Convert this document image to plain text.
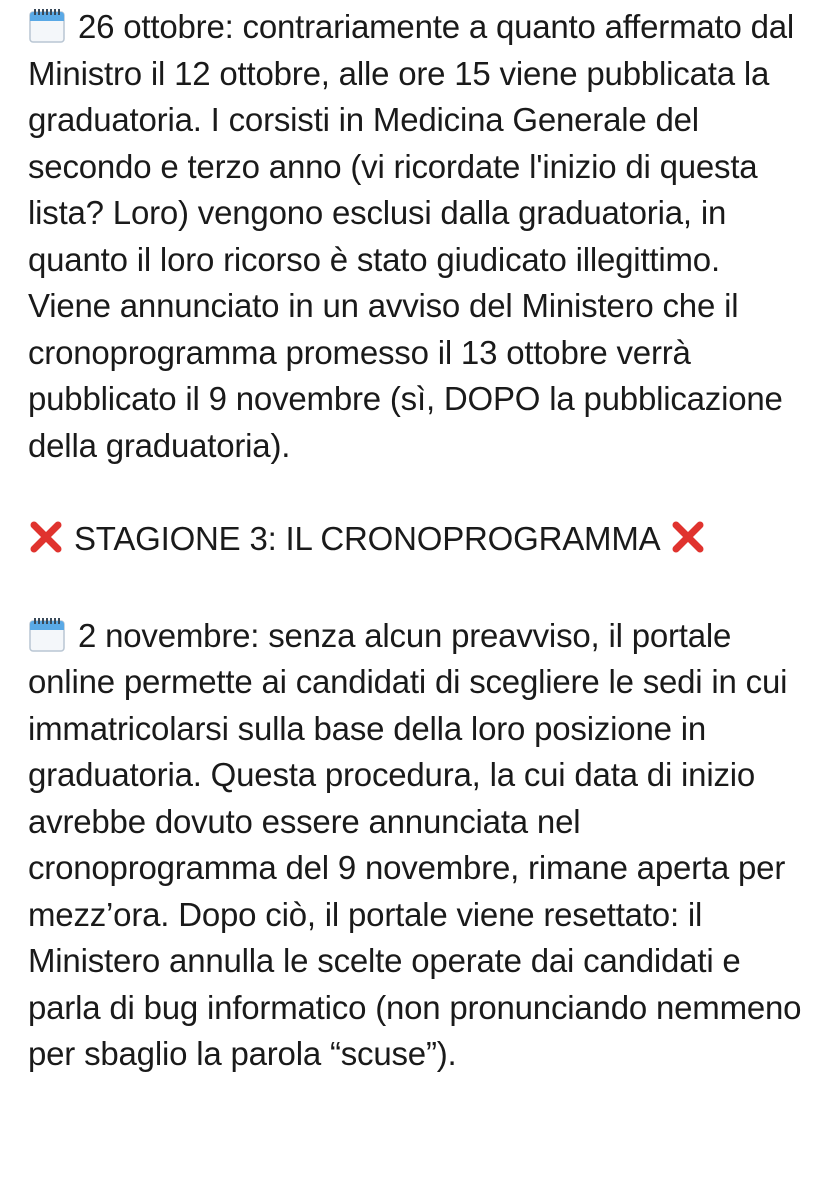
26 ottobre: contrariamente a quanto affermato dal Ministro il 12 ottobre, alle ore 15 viene pubblicata la graduatoria. I corsisti in Medicina Generale del secondo e terzo anno (vi ricordate l'inizio di questa lista? Loro) vengono esclusi dalla graduatoria, in quanto il loro ricorso è stato giudicato illegittimo.
Viene annunciato in un avviso del Ministero che il cronoprogramma promesso il 13 ottobre verrà pubblicato il 9 novembre (sì, DOPO la pubblicazione della graduatoria).

STAGIONE 3: IL CRONOPROGRAMMA

2 novembre: senza alcun preavviso, il portale online permette ai candidati di scegliere le sedi in cui immatricolarsi sulla base della loro posizione in graduatoria. Questa procedura, la cui data di inizio avrebbe dovuto essere annunciata nel cronoprogramma del 9 novembre, rimane aperta per mezz’ora. Dopo ciò, il portale viene resettato: il Ministero annulla le scelte operate dai candidati e parla di bug informatico (non pronunciando nemmeno per sbaglio la parola “scuse”).
